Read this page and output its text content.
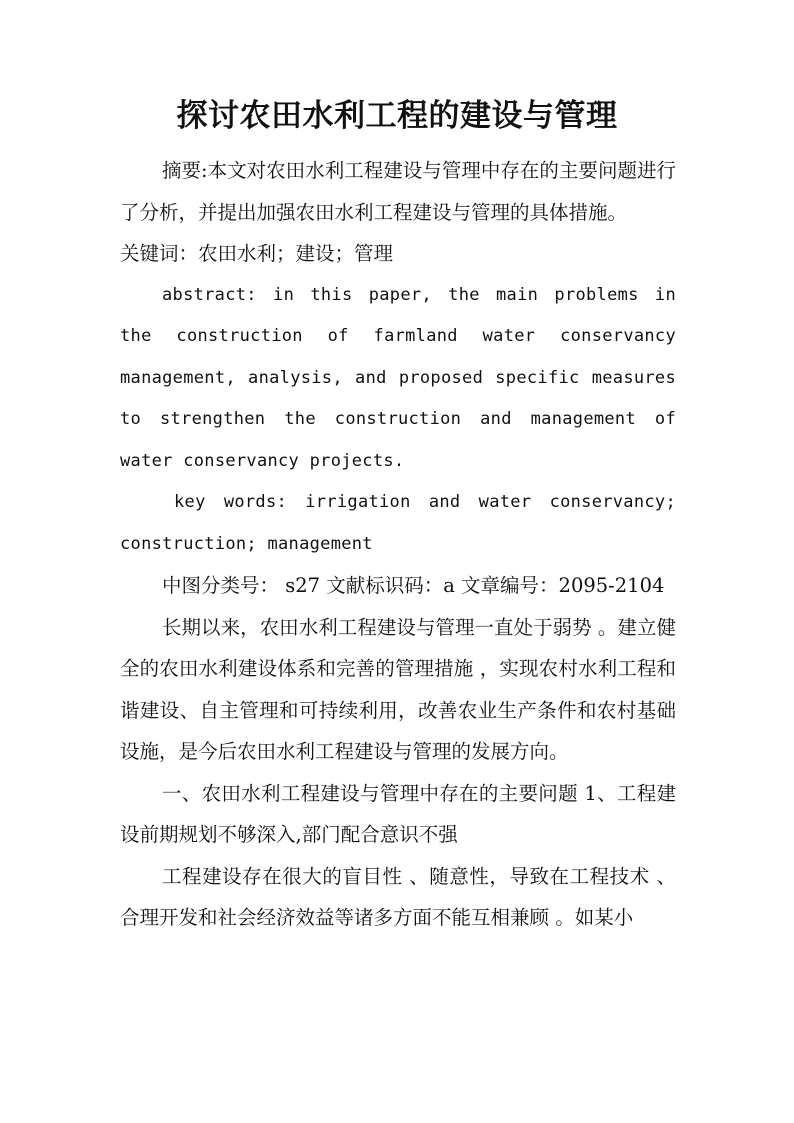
探讨农田水利工程的建设与管理

摘要:本文对农田水利工程建设与管理中存在的主要问题进行了分析，并提出加强农田水利工程建设与管理的具体措施。

关键词：农田水利；建设；管理

abstract: in this paper, the main problems in the construction of farmland water conservancy management, analysis, and proposed specific measures to strengthen the construction and management of water conservancy projects.

key words: irrigation and water conservancy; construction; management

中图分类号： s27 文献标识码：a 文章编号：2095-2104

长期以来，农田水利工程建设与管理一直处于弱势 。建立健全的农田水利建设体系和完善的管理措施 ，实现农村水利工程和谐建设、自主管理和可持续利用，改善农业生产条件和农村基础设施，是今后农田水利工程建设与管理的发展方向。

一、农田水利工程建设与管理中存在的主要问题 1、工程建设前期规划不够深入,部门配合意识不强

工程建设存在很大的盲目性 、随意性，导致在工程技术 、合理开发和社会经济效益等诸多方面不能互相兼顾 。如某小
